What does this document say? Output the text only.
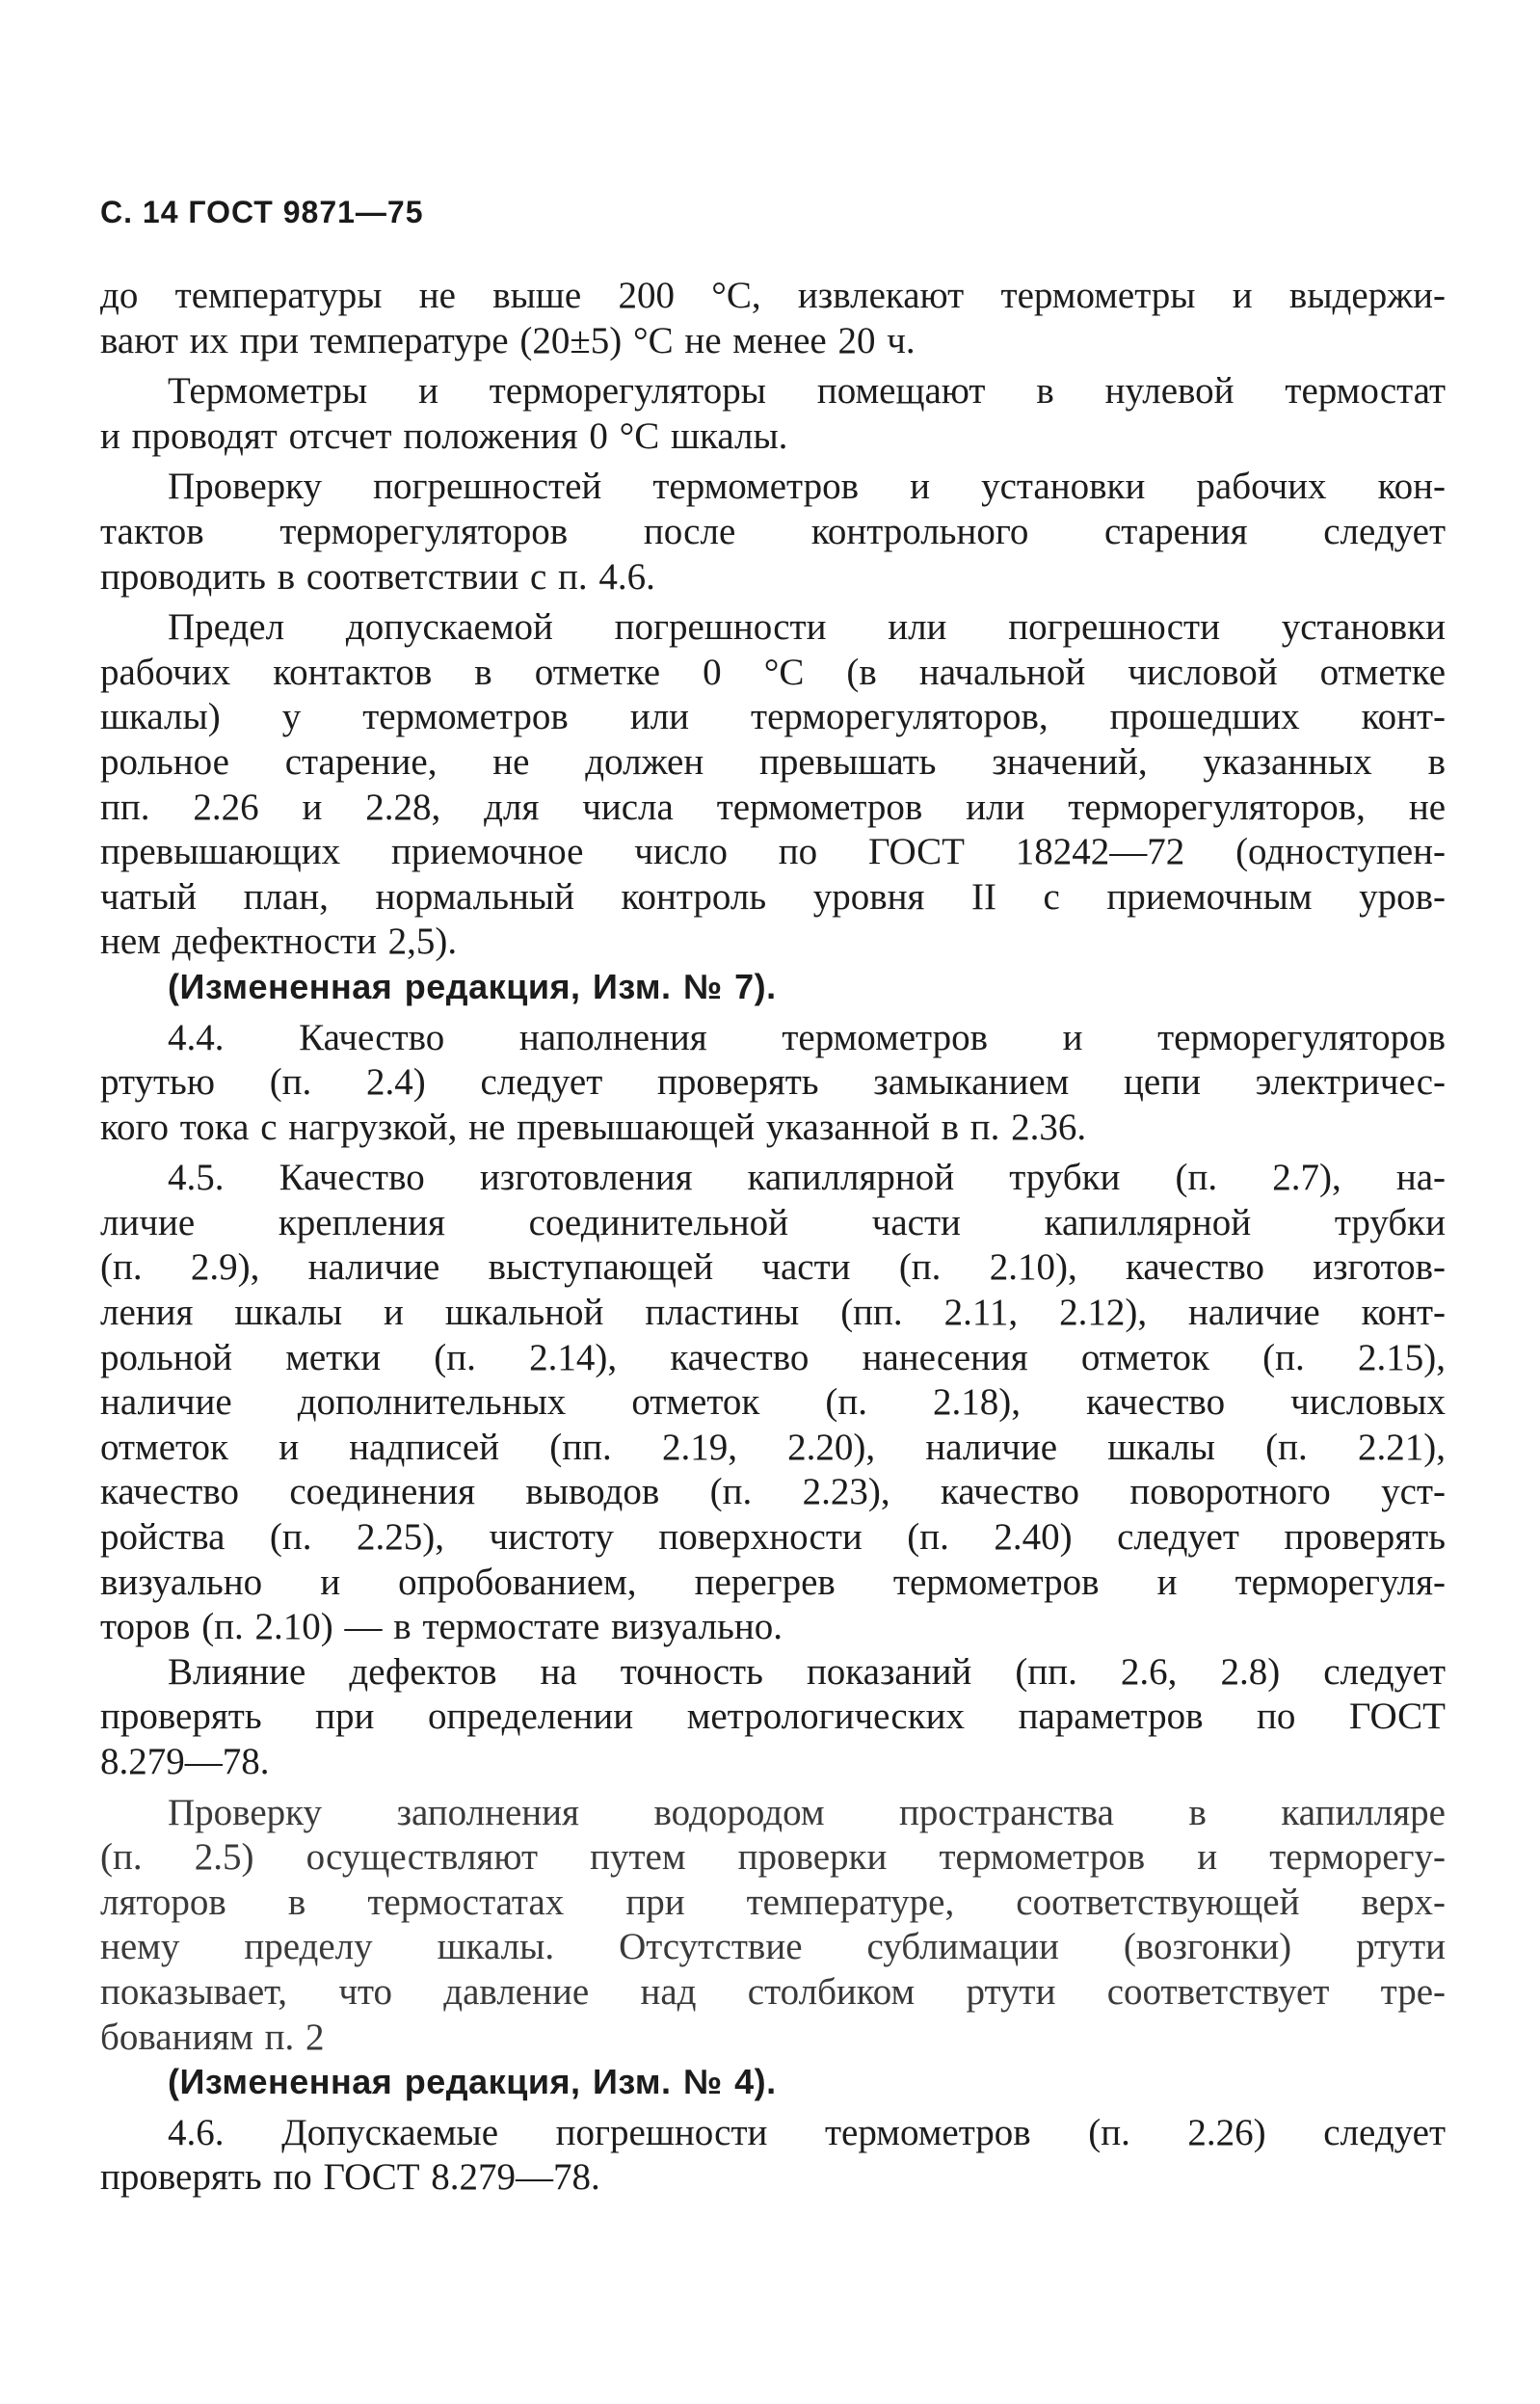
С. 14 ГОСТ 9871—75

до температуры не выше 200 °С, извлекают термометры и выдержи-
вают их при температуре (20±5) °С не менее 20 ч.

Термометры и терморегуляторы помещают в нулевой термостат
и проводят отсчет положения 0 °С шкалы.

Проверку погрешностей термометров и установки рабочих кон-
тактов терморегуляторов после контрольного старения следует
проводить в соответствии с п. 4.6.

Предел допускаемой погрешности или погрешности установки
рабочих контактов в отметке 0 °С (в начальной числовой отметке
шкалы) у термометров или терморегуляторов, прошедших конт-
рольное старение, не должен превышать значений, указанных в
пп. 2.26 и 2.28, для числа термометров или терморегуляторов, не
превышающих приемочное число по ГОСТ 18242—72 (одноступен-
чатый план, нормальный контроль уровня II с приемочным уров-
нем дефектности 2,5).

(Измененная редакция, Изм. № 7).

4.4. Качество наполнения термометров и терморегуляторов
ртутью (п. 2.4) следует проверять замыканием цепи электричес-
кого тока с нагрузкой, не превышающей указанной в п. 2.36.

4.5. Качество изготовления капиллярной трубки (п. 2.7), на-
личие крепления соединительной части капиллярной трубки
(п. 2.9), наличие выступающей части (п. 2.10), качество изготов-
ления шкалы и шкальной пластины (пп. 2.11, 2.12), наличие конт-
рольной метки (п. 2.14), качество нанесения отметок (п. 2.15),
наличие дополнительных отметок (п. 2.18), качество числовых
отметок и надписей (пп. 2.19, 2.20), наличие шкалы (п. 2.21),
качество соединения выводов (п. 2.23), качество поворотного уст-
ройства (п. 2.25), чистоту поверхности (п. 2.40) следует проверять
визуально и опробованием, перегрев термометров и терморегуля-
торов (п. 2.10) — в термостате визуально.

Влияние дефектов на точность показаний (пп. 2.6, 2.8) следует
проверять при определении метрологических параметров по ГОСТ
8.279—78.

Проверку заполнения водородом пространства в капилляре
(п. 2.5) осуществляют путем проверки термометров и терморегу-
ляторов в термостатах при температуре, соответствующей верх-
нему пределу шкалы. Отсутствие сублимации (возгонки) ртути
показывает, что давление над столбиком ртути соответствует тре-
бованиям п. 2

(Измененная редакция, Изм. № 4).

4.6. Допускаемые погрешности термометров (п. 2.26) следует
проверять по ГОСТ 8.279—78.
